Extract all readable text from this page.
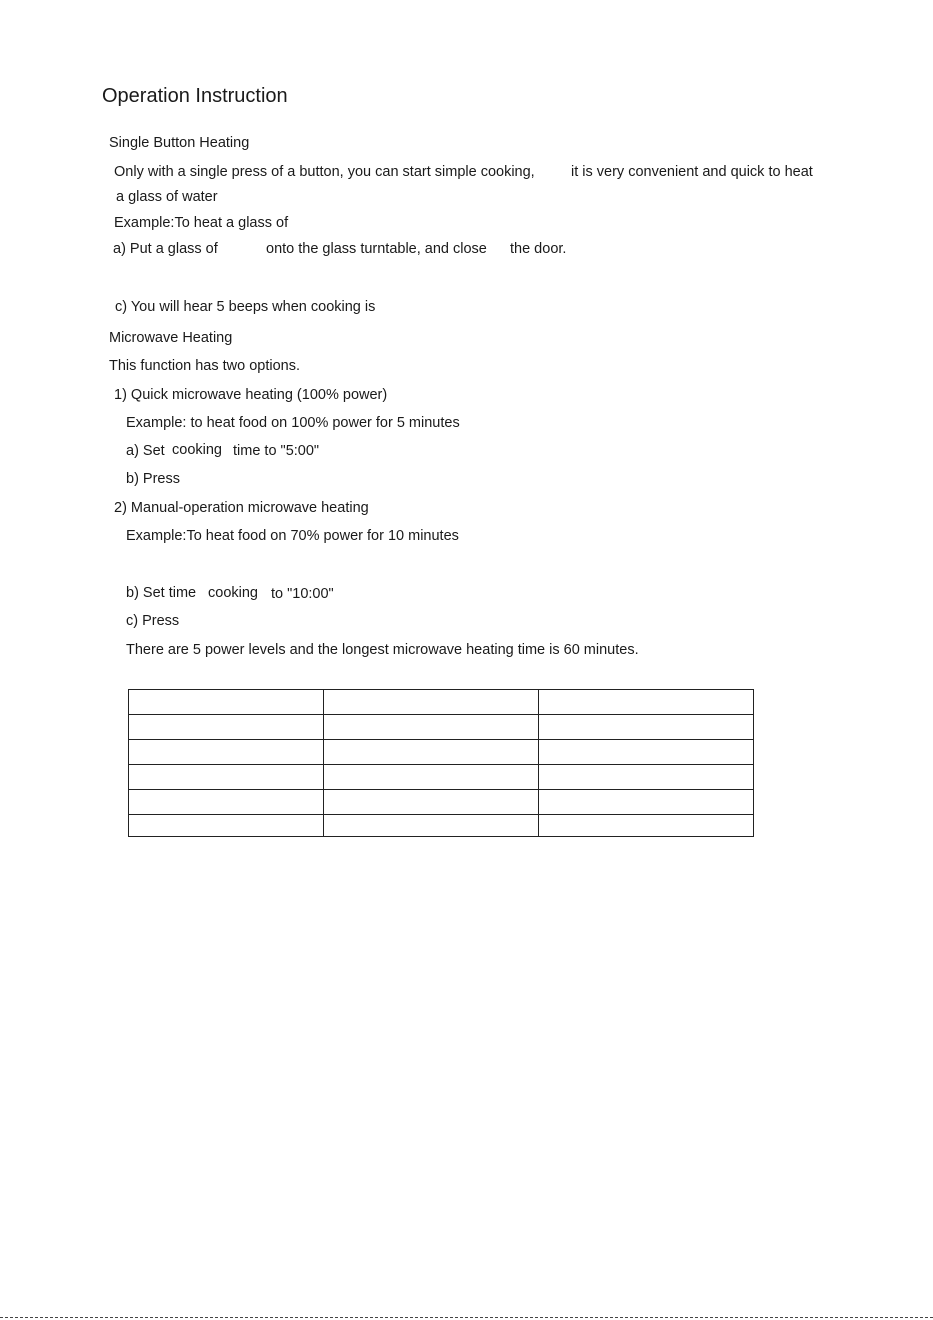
Operation Instruction
Single Button Heating
Only with a single press of a button, you can start simple cooking,	it is very convenient and quick to heat
a glass of water
Example:To heat a glass of
a) Put a glass of	onto the glass turntable, and close the door.
c) You will hear 5 beeps when cooking is
Microwave Heating
This function has two options.
1) Quick microwave heating (100% power)
Example: to heat food on 100% power for 5 minutes
a) Set cooking time to "5:00"
b) Press
2) Manual-operation microwave heating
Example:To heat food on 70% power for 10 minutes
b) Set time cooking to "10:00"
c) Press
There are 5 power levels and the longest microwave heating time is 60 minutes.
